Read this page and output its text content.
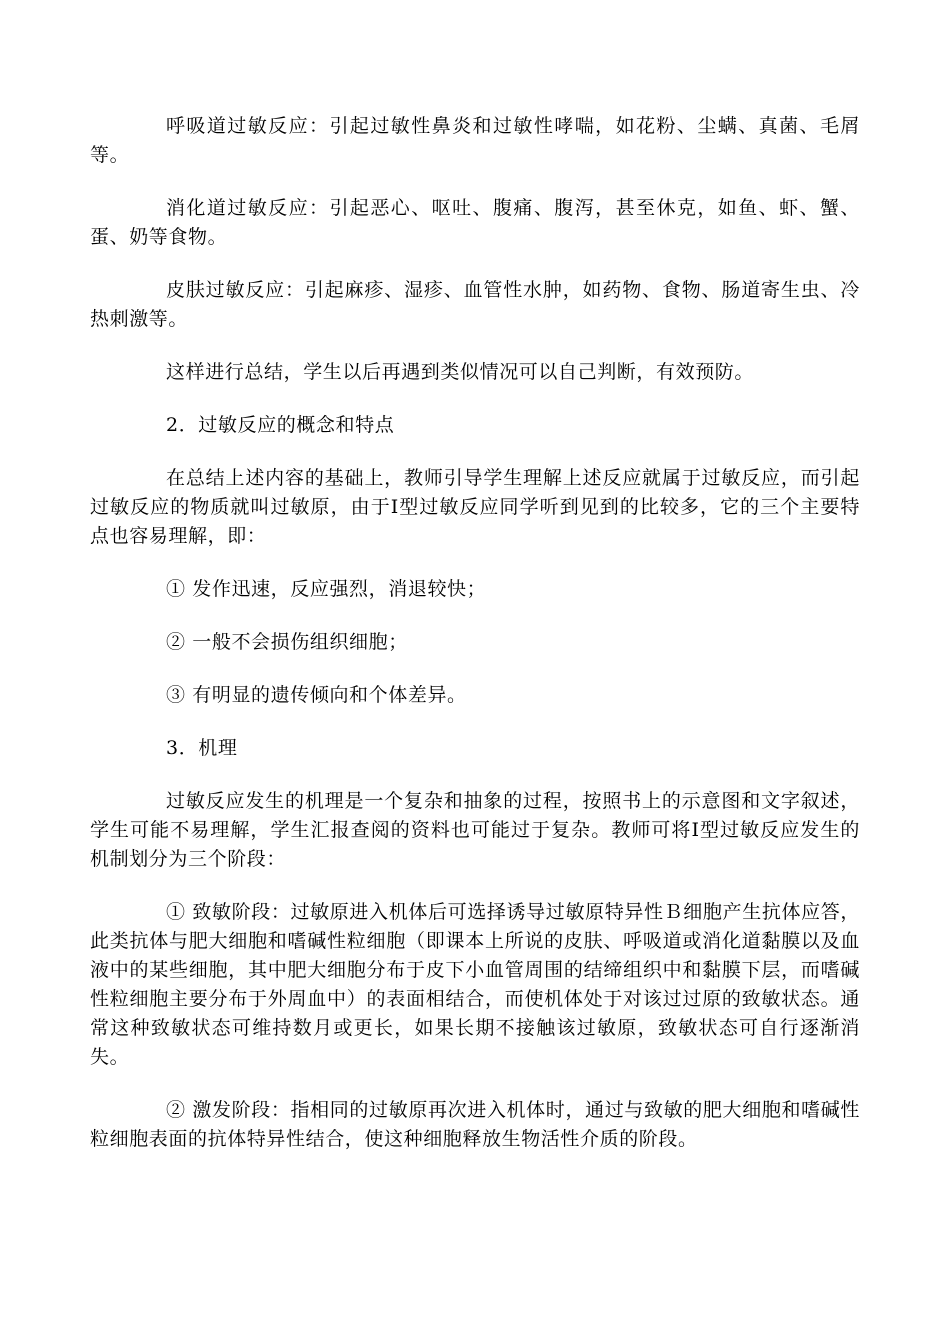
呼吸道过敏反应：引起过敏性鼻炎和过敏性哮喘，如花粉、尘螨、真菌、毛屑等。

消化道过敏反应：引起恶心、呕吐、腹痛、腹泻，甚至休克，如鱼、虾、蟹、蛋、奶等食物。

皮肤过敏反应：引起麻疹、湿疹、血管性水肿，如药物、食物、肠道寄生虫、冷热刺激等。

这样进行总结，学生以后再遇到类似情况可以自己判断，有效预防。

2．过敏反应的概念和特点

在总结上述内容的基础上，教师引导学生理解上述反应就属于过敏反应，而引起过敏反应的物质就叫过敏原，由于Ⅰ型过敏反应同学听到见到的比较多，它的三个主要特点也容易理解，即：

① 发作迅速，反应强烈，消退较快；

② 一般不会损伤组织细胞；

③ 有明显的遗传倾向和个体差异。

3．机理

过敏反应发生的机理是一个复杂和抽象的过程，按照书上的示意图和文字叙述，学生可能不易理解，学生汇报查阅的资料也可能过于复杂。教师可将Ⅰ型过敏反应发生的机制划分为三个阶段：

① 致敏阶段：过敏原进入机体后可选择诱导过敏原特异性Ｂ细胞产生抗体应答，此类抗体与肥大细胞和嗜碱性粒细胞（即课本上所说的皮肤、呼吸道或消化道黏膜以及血液中的某些细胞，其中肥大细胞分布于皮下小血管周围的结缔组织中和黏膜下层，而嗜碱性粒细胞主要分布于外周血中）的表面相结合，而使机体处于对该过过原的致敏状态。通常这种致敏状态可维持数月或更长，如果长期不接触该过敏原，致敏状态可自行逐渐消失。

② 激发阶段：指相同的过敏原再次进入机体时，通过与致敏的肥大细胞和嗜碱性粒细胞表面的抗体特异性结合，使这种细胞释放生物活性介质的阶段。
